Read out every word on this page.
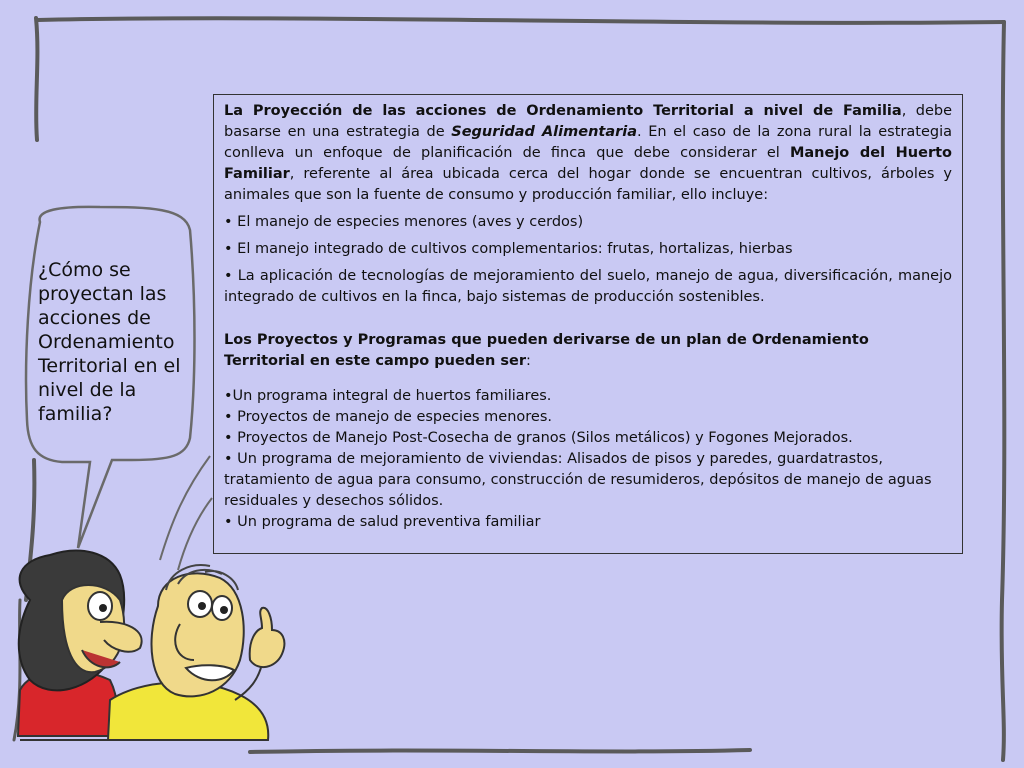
¿Cómo se proyectan las acciones de Ordenamiento Territorial en el nivel de la familia?

La Proyección de las acciones de Ordenamiento Territorial a nivel de Familia, debe basarse en una estrategia de Seguridad Alimentaria. En el caso de la zona rural la estrategia conlleva un enfoque de planificación de finca que debe considerar el Manejo del Huerto Familiar, referente al área ubicada cerca del hogar donde se encuentran cultivos, árboles y animales que son la fuente de consumo y producción familiar, ello incluye:

• El manejo de especies menores (aves y cerdos)

• El manejo integrado de cultivos complementarios: frutas, hortalizas, hierbas

• La aplicación de tecnologías de mejoramiento del suelo, manejo de agua, diversificación, manejo integrado de cultivos en la finca, bajo sistemas de producción sostenibles.

Los Proyectos y Programas que pueden derivarse de un plan de Ordenamiento Territorial en este campo pueden ser:

•Un programa integral de huertos familiares.

• Proyectos de manejo de especies menores.

• Proyectos de Manejo Post-Cosecha de granos (Silos metálicos) y Fogones Mejorados.

• Un programa de mejoramiento de viviendas: Alisados de pisos y paredes, guardatrastos, tratamiento de agua para consumo, construcción de resumideros, depósitos de manejo de aguas residuales y desechos sólidos.

• Un programa de salud preventiva familiar
